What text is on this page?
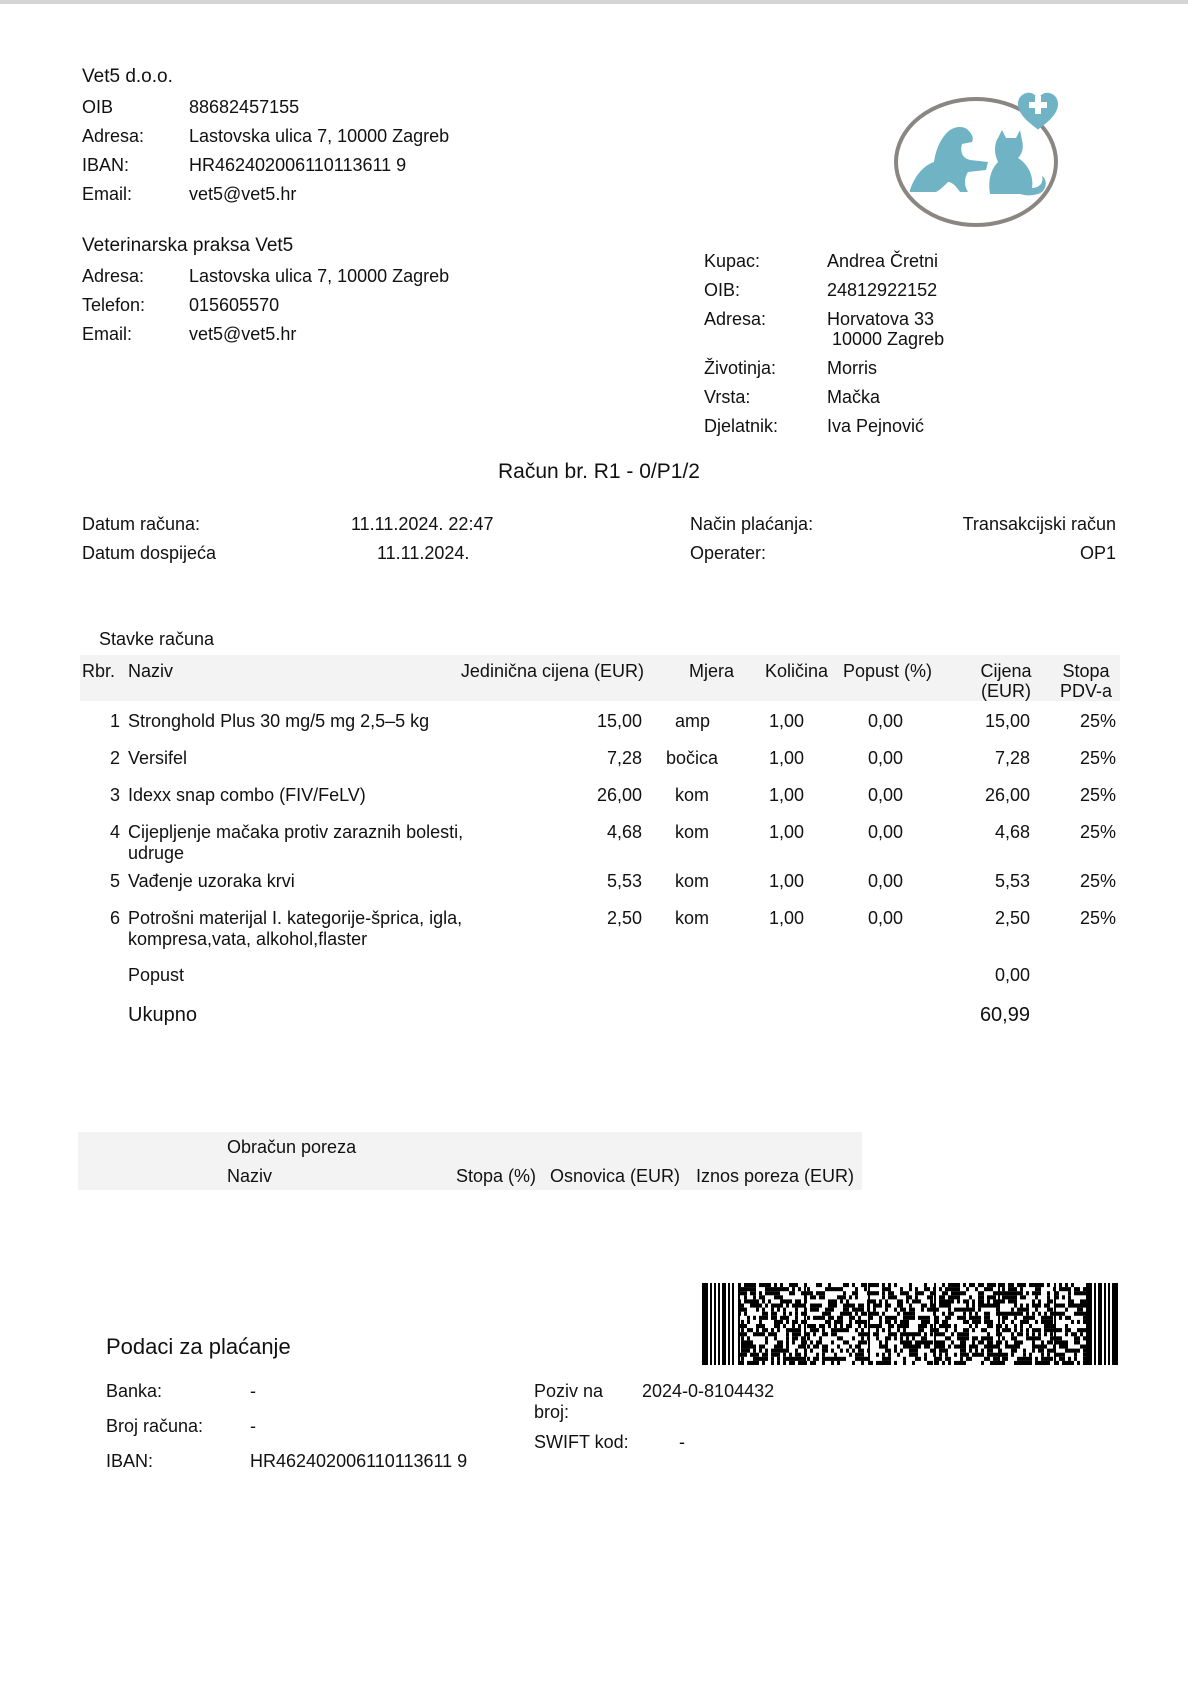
Vet5 d.o.o.
OIB	88682457155
Adresa: Lastovska ulica 7, 10000 Zagreb
IBAN:	HR462402006110113611 9
Email:	vet5@vet5.hr
Veterinarska praksa Vet5
Adresa: Lastovska ulica 7, 10000 Zagreb
Telefon: 015605570
Email:	vet5@vet5.hr
Kupac:	Andrea Čretni
OIB:	24812922152
Adresa:	Horvatova 33
10000 Zagreb
Životinja:	Morris
Vrsta:	Mačka
Djelatnik:	Iva Pejnović
Račun br. R1 - 0/P1/2
Datum računa:	11.11.2024. 22:47
Datum dospijeća	11.11.2024.
Način plaćanja:	Transakcijski račun
Operater:	OP1
Stavke računa
Rbr. Naziv	Jedinična cijena (EUR)	Mjera Količina Popust (%)	Cijena
(EUR)
Stopa
PDV-a
1 Stronghold Plus 30 mg/5 mg 2,5–5 kg	15,00 amp	1,00	0,00	15,00	25%
2 Versifel	7,28 bočica	1,00	0,00	7,28	25%
3 Idexx snap combo (FIV/FeLV)	26,00 kom	1,00	0,00	26,00	25%
4 Cijepljenje mačaka protiv zaraznih bolesti, udruge
4,68 kom	1,00	0,00	4,68	25%
5 Vađenje uzoraka krvi	5,53 kom	1,00	0,00	5,53	25%
6 Potrošni materijal I. kategorije-šprica, igla, kompresa,vata, alkohol,flaster
2,50 kom	1,00	0,00	2,50	25%
Popust	0,00
Ukupno	60,99
Obračun poreza
Naziv	Stopa (%) Osnovica (EUR) Iznos poreza (EUR)
Podaci za plaćanje
Banka:	-
Broj računa:	-
IBAN:	HR462402006110113611 9
Poziv na
broj:
2024-0-8104432
SWIFT kod:	-
